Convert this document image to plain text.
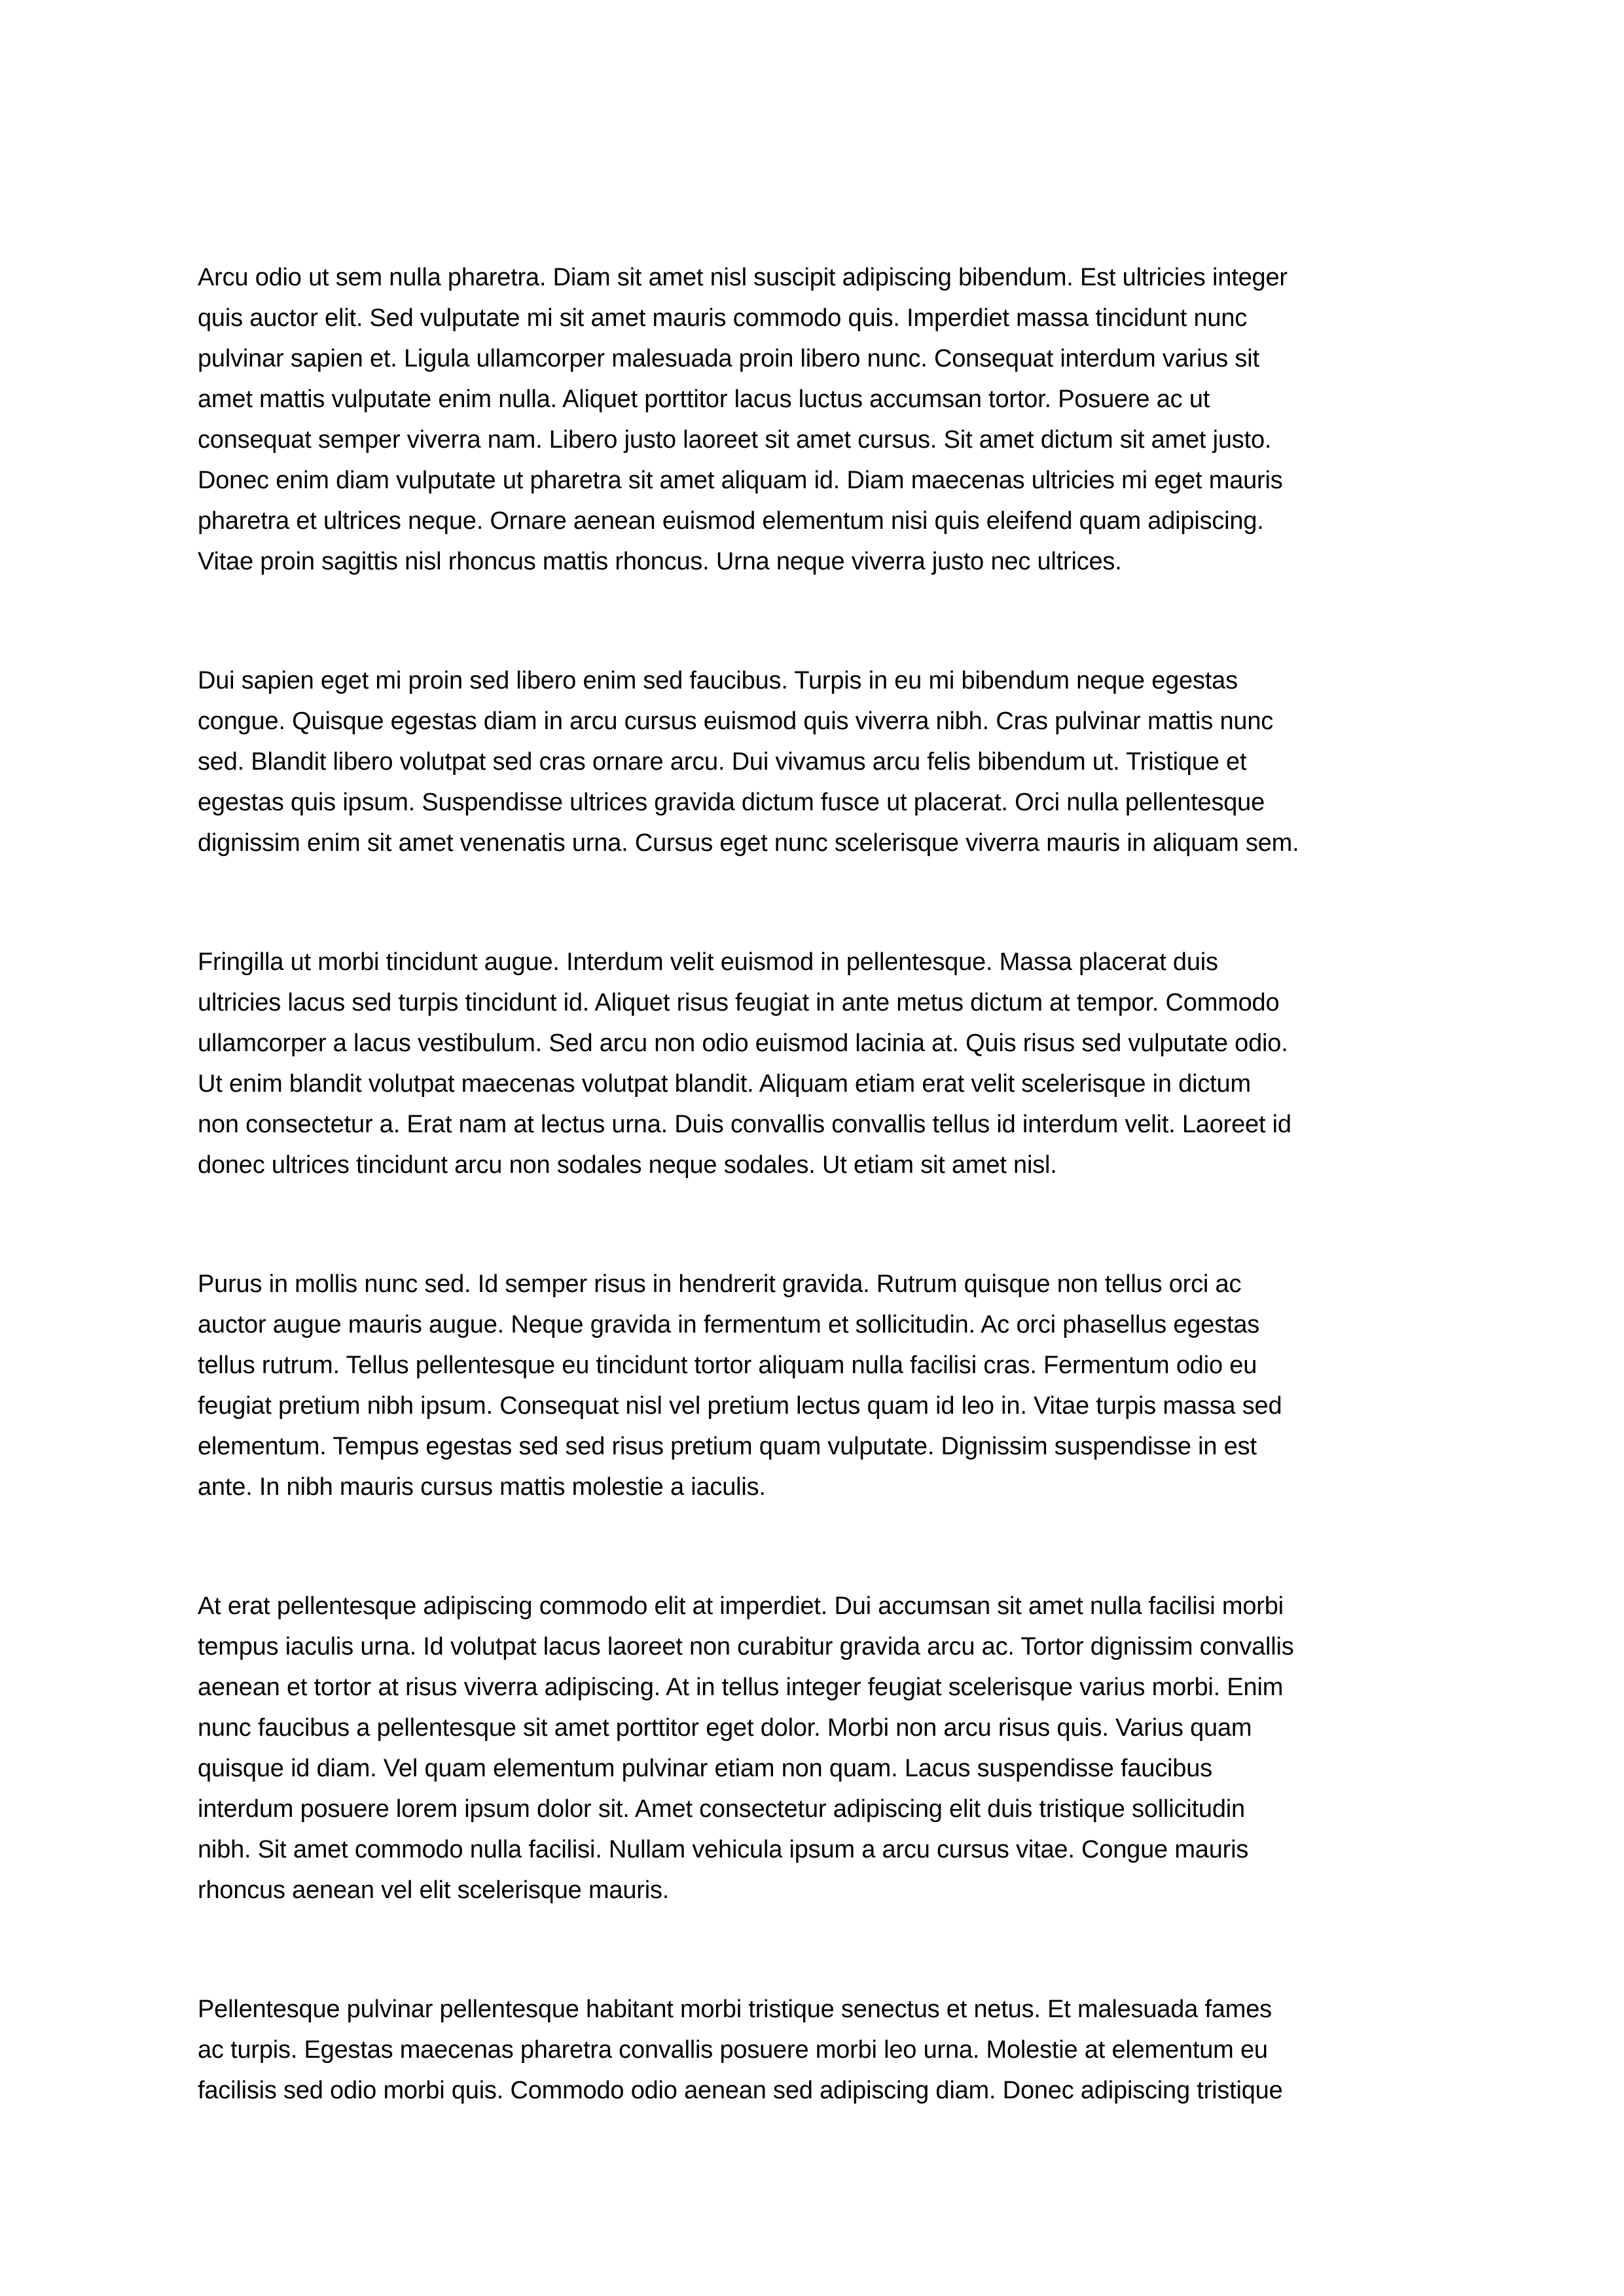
Arcu odio ut sem nulla pharetra. Diam sit amet nisl suscipit adipiscing bibendum. Est ultricies integer
quis auctor elit. Sed vulputate mi sit amet mauris commodo quis. Imperdiet massa tincidunt nunc
pulvinar sapien et. Ligula ullamcorper malesuada proin libero nunc. Consequat interdum varius sit
amet mattis vulputate enim nulla. Aliquet porttitor lacus luctus accumsan tortor. Posuere ac ut
consequat semper viverra nam. Libero justo laoreet sit amet cursus. Sit amet dictum sit amet justo.
Donec enim diam vulputate ut pharetra sit amet aliquam id. Diam maecenas ultricies mi eget mauris
pharetra et ultrices neque. Ornare aenean euismod elementum nisi quis eleifend quam adipiscing.
Vitae proin sagittis nisl rhoncus mattis rhoncus. Urna neque viverra justo nec ultrices.
Dui sapien eget mi proin sed libero enim sed faucibus. Turpis in eu mi bibendum neque egestas
congue. Quisque egestas diam in arcu cursus euismod quis viverra nibh. Cras pulvinar mattis nunc
sed. Blandit libero volutpat sed cras ornare arcu. Dui vivamus arcu felis bibendum ut. Tristique et
egestas quis ipsum. Suspendisse ultrices gravida dictum fusce ut placerat. Orci nulla pellentesque
dignissim enim sit amet venenatis urna. Cursus eget nunc scelerisque viverra mauris in aliquam sem.
Fringilla ut morbi tincidunt augue. Interdum velit euismod in pellentesque. Massa placerat duis
ultricies lacus sed turpis tincidunt id. Aliquet risus feugiat in ante metus dictum at tempor. Commodo
ullamcorper a lacus vestibulum. Sed arcu non odio euismod lacinia at. Quis risus sed vulputate odio.
Ut enim blandit volutpat maecenas volutpat blandit. Aliquam etiam erat velit scelerisque in dictum
non consectetur a. Erat nam at lectus urna. Duis convallis convallis tellus id interdum velit. Laoreet id
donec ultrices tincidunt arcu non sodales neque sodales. Ut etiam sit amet nisl.
Purus in mollis nunc sed. Id semper risus in hendrerit gravida. Rutrum quisque non tellus orci ac
auctor augue mauris augue. Neque gravida in fermentum et sollicitudin. Ac orci phasellus egestas
tellus rutrum. Tellus pellentesque eu tincidunt tortor aliquam nulla facilisi cras. Fermentum odio eu
feugiat pretium nibh ipsum. Consequat nisl vel pretium lectus quam id leo in. Vitae turpis massa sed
elementum. Tempus egestas sed sed risus pretium quam vulputate. Dignissim suspendisse in est
ante. In nibh mauris cursus mattis molestie a iaculis.
At erat pellentesque adipiscing commodo elit at imperdiet. Dui accumsan sit amet nulla facilisi morbi
tempus iaculis urna. Id volutpat lacus laoreet non curabitur gravida arcu ac. Tortor dignissim convallis
aenean et tortor at risus viverra adipiscing. At in tellus integer feugiat scelerisque varius morbi. Enim
nunc faucibus a pellentesque sit amet porttitor eget dolor. Morbi non arcu risus quis. Varius quam
quisque id diam. Vel quam elementum pulvinar etiam non quam. Lacus suspendisse faucibus
interdum posuere lorem ipsum dolor sit. Amet consectetur adipiscing elit duis tristique sollicitudin
nibh. Sit amet commodo nulla facilisi. Nullam vehicula ipsum a arcu cursus vitae. Congue mauris
rhoncus aenean vel elit scelerisque mauris.
Pellentesque pulvinar pellentesque habitant morbi tristique senectus et netus. Et malesuada fames
ac turpis. Egestas maecenas pharetra convallis posuere morbi leo urna. Molestie at elementum eu
facilisis sed odio morbi quis. Commodo odio aenean sed adipiscing diam. Donec adipiscing tristique
